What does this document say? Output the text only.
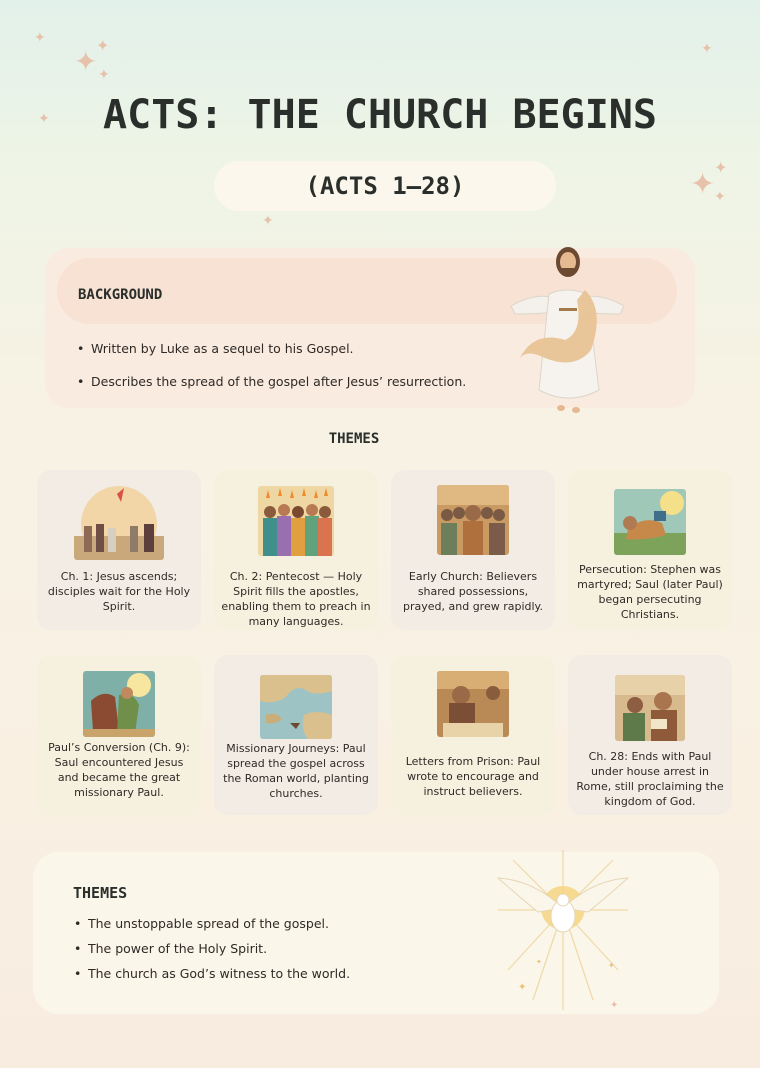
✦
✦
✦
✦
✦
✦
✦
✦
✦
✦
ACTS: THE CHURCH BEGINS
(ACTS 1–28)
BACKGROUND
• Written by Luke as a sequel to his Gospel.
• Describes the spread of the gospel after Jesus’ resurrection.
THEMES
Ch. 1: Jesus ascends; disciples wait for the Holy Spirit.
Ch. 2: Pentecost — Holy Spirit fills the apostles, enabling them to preach in many languages.
Early Church: Believers shared possessions, prayed, and grew rapidly.
Persecution: Stephen was martyred; Saul (later Paul) began persecuting Christians.
Paul’s Conversion (Ch. 9): Saul encountered Jesus and became the great missionary Paul.
Missionary Journeys: Paul spread the gospel across the Roman world, planting churches.
Letters from Prison: Paul wrote to encourage and instruct believers.
Ch. 28: Ends with Paul under house arrest in Rome, still proclaiming the kingdom of God.
THEMES
• The unstoppable spread of the gospel.
• The power of the Holy Spirit.
• The church as God’s witness to the world.
✦
✦
✦
✦
